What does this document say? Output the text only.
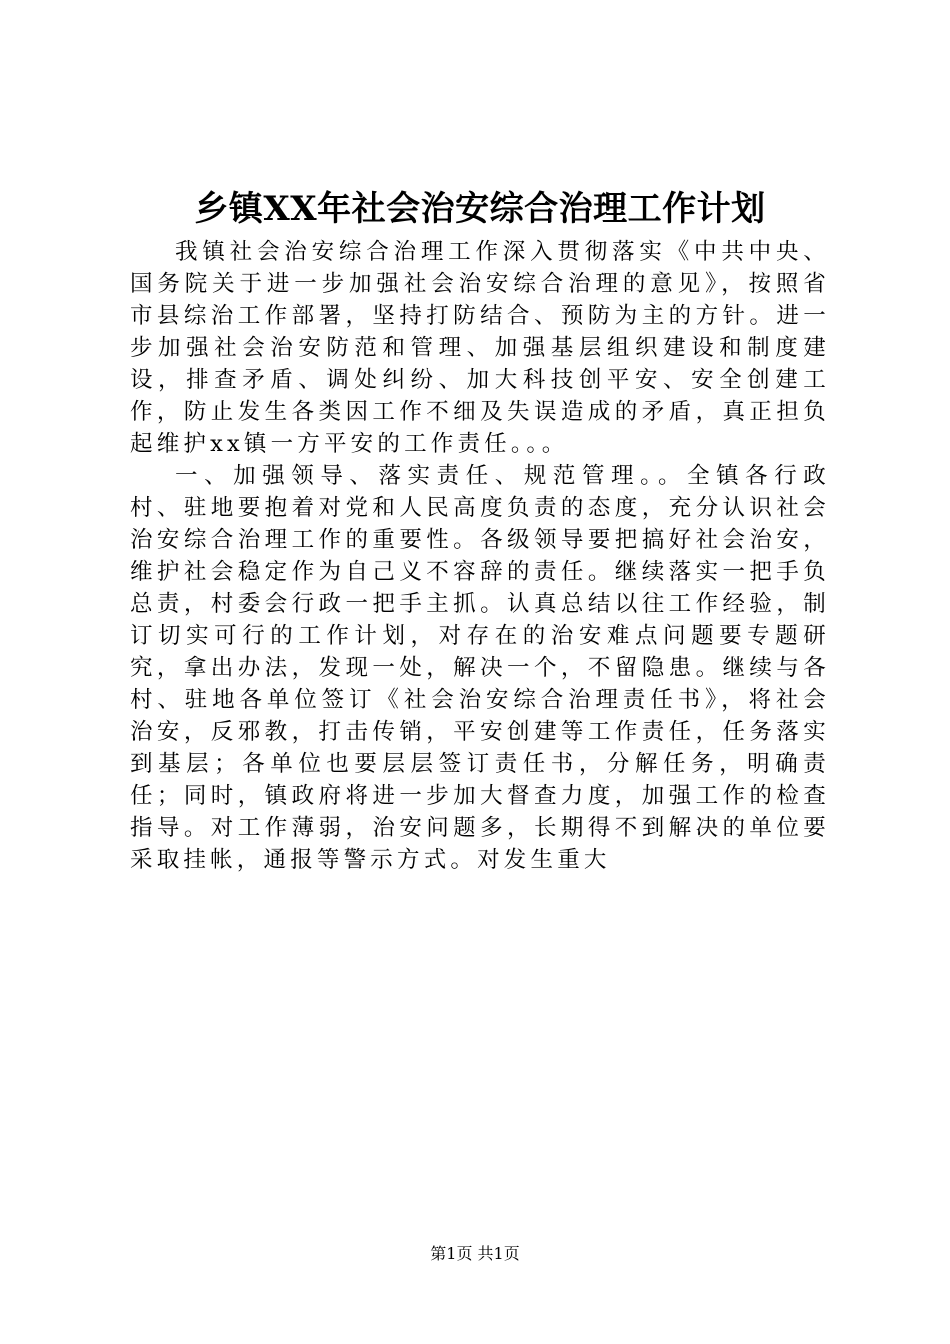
乡镇XX年社会治安综合治理工作计划

我镇社会治安综合治理工作深入贯彻落实《中共中央、国务院关于进一步加强社会治安综合治理的意见》，按照省市县综治工作部署，坚持打防结合、预防为主的方针。进一步加强社会治安防范和管理、加强基层组织建设和制度建设，排查矛盾、调处纠纷、加大科技创平安、安全创建工作，防止发生各类因工作不细及失误造成的矛盾，真正担负起维护xx镇一方平安的工作责任。。。

一、加强领导、落实责任、规范管理。。全镇各行政村、驻地要抱着对党和人民高度负责的态度，充分认识社会治安综合治理工作的重要性。各级领导要把搞好社会治安，维护社会稳定作为自己义不容辞的责任。继续落实一把手负总责，村委会行政一把手主抓。认真总结以往工作经验，制订切实可行的工作计划，对存在的治安难点问题要专题研究，拿出办法，发现一处，解决一个，不留隐患。继续与各村、驻地各单位签订《社会治安综合治理责任书》，将社会治安，反邪教，打击传销，平安创建等工作责任，任务落实到基层；各单位也要层层签订责任书，分解任务，明确责任；同时，镇政府将进一步加大督查力度，加强工作的检查指导。对工作薄弱，治安问题多，长期得不到解决的单位要采取挂帐，通报等警示方式。对发生重大

第1页 共1页
